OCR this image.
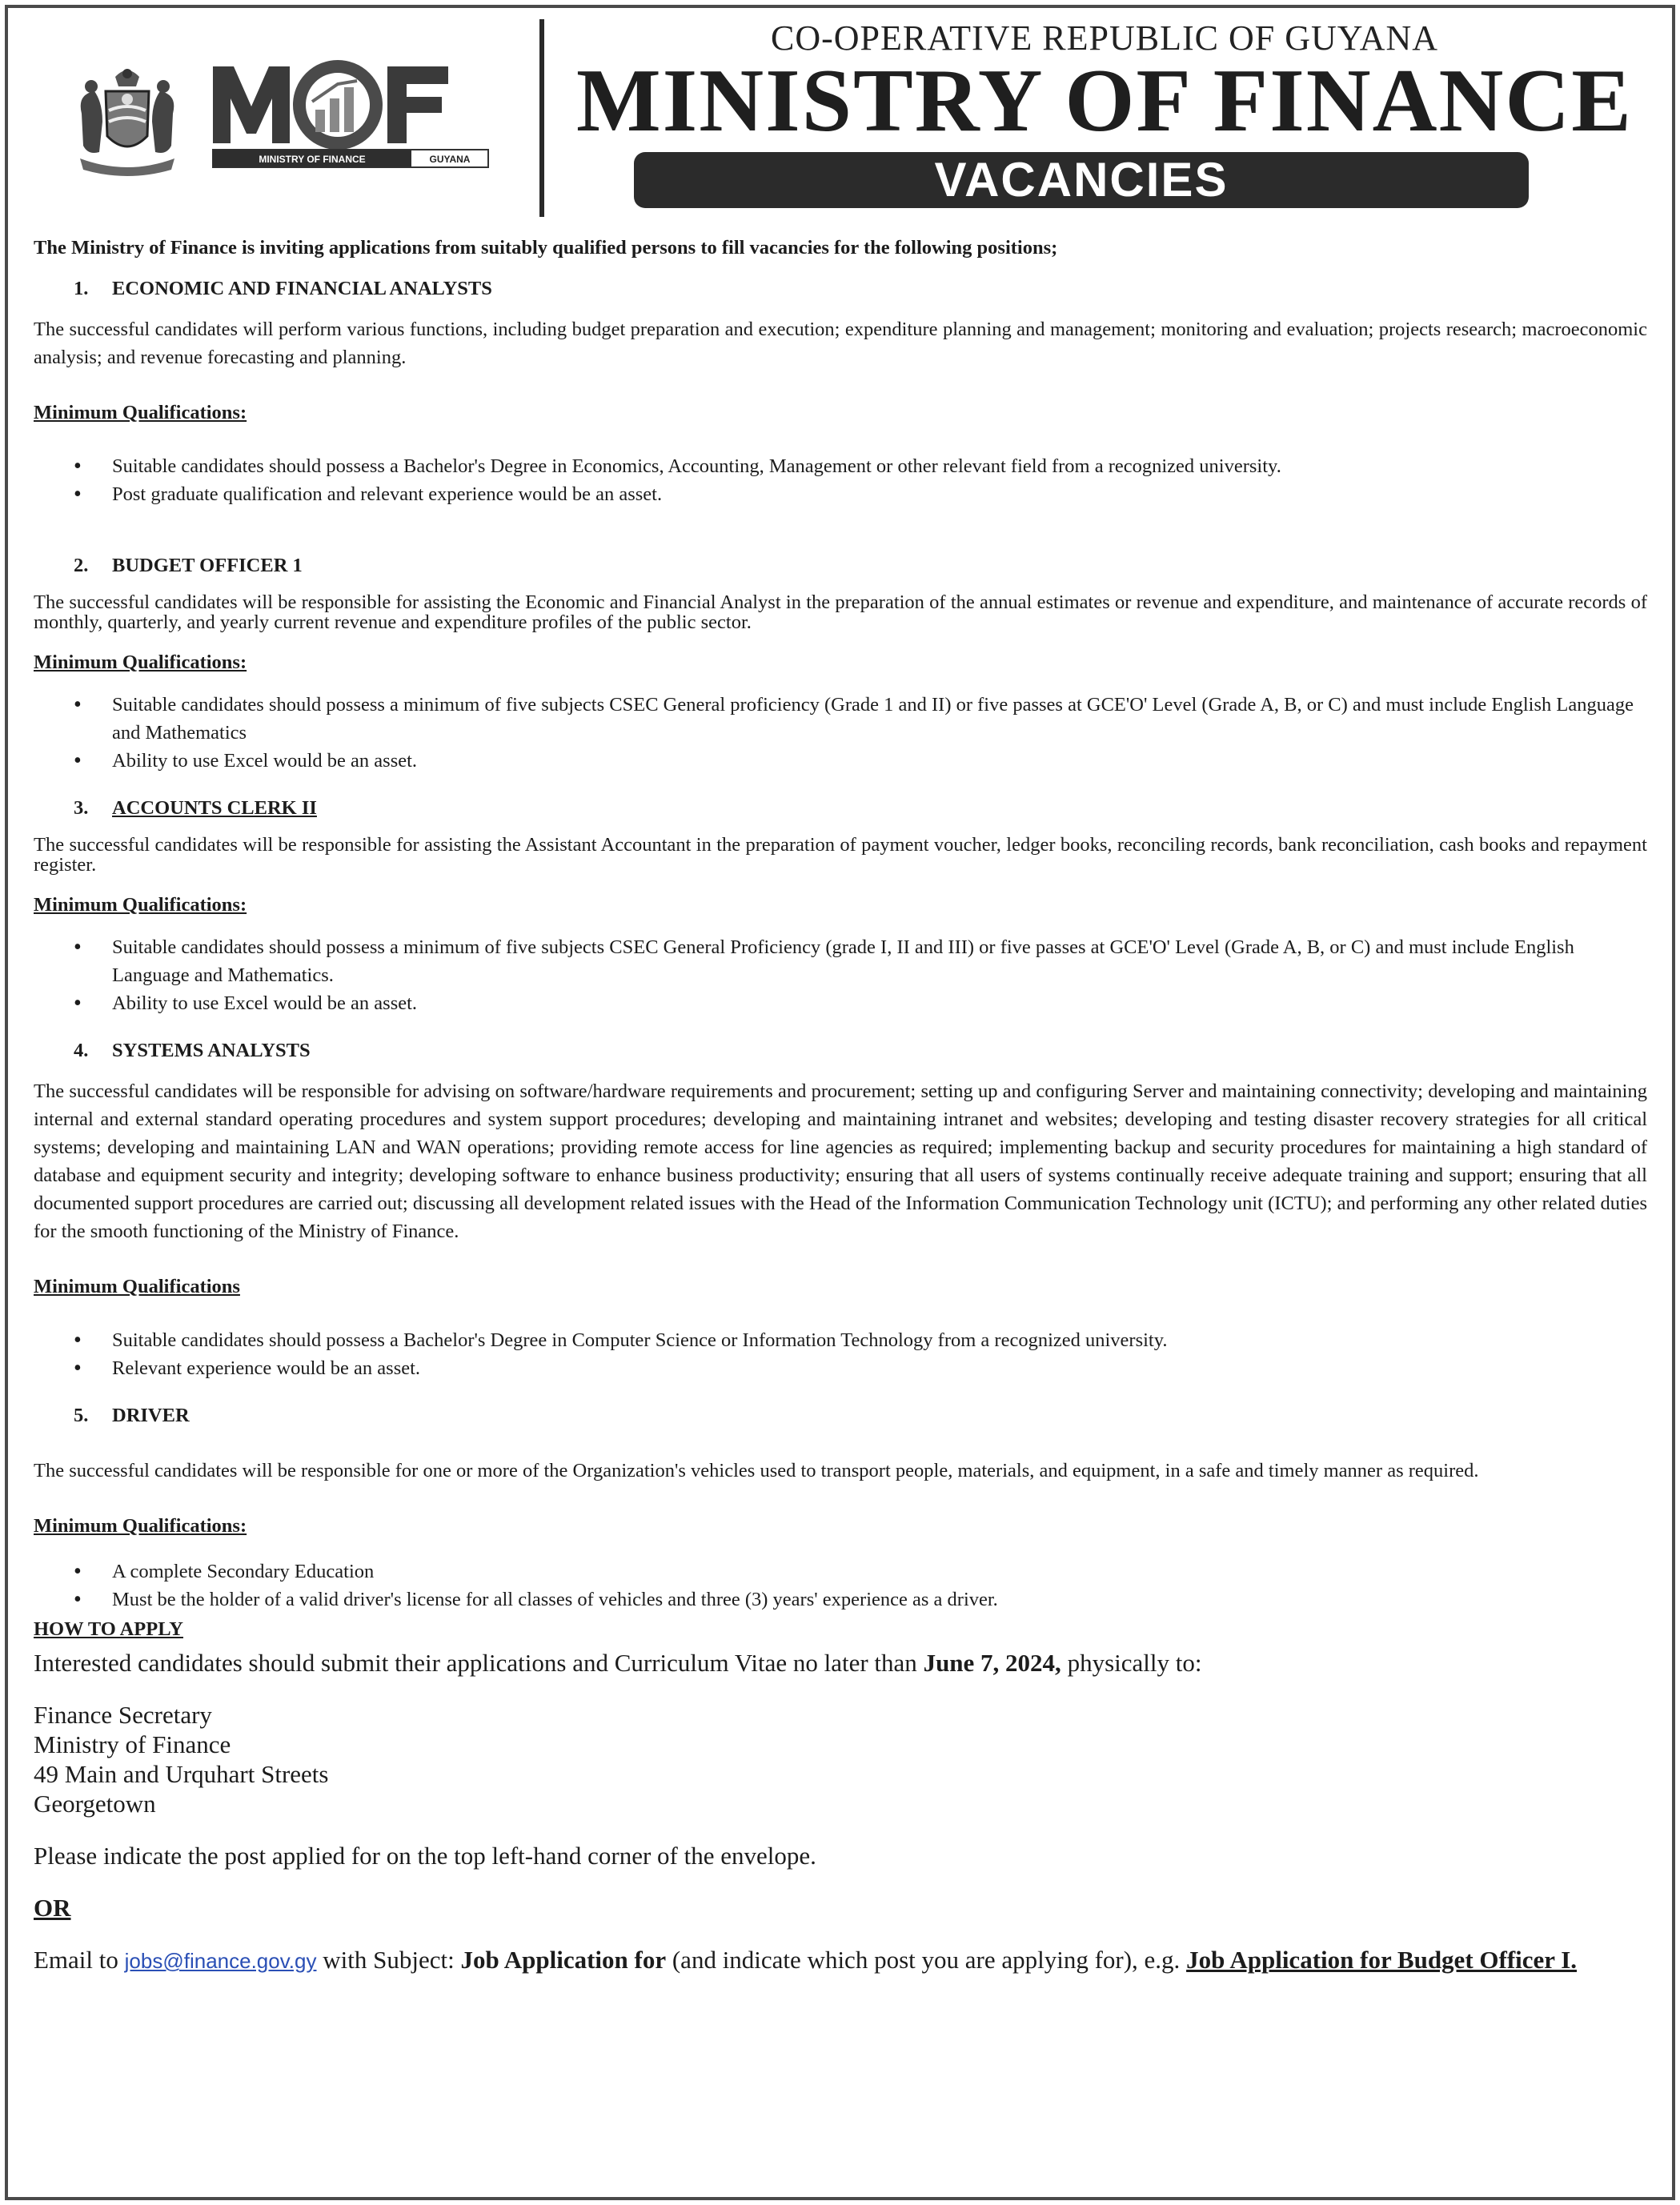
MINISTRY OF FINANCE	GUYANA
CO-OPERATIVE REPUBLIC OF GUYANA
MINISTRY OF FINANCE
VACANCIES

The Ministry of Finance is inviting applications from suitably qualified persons to fill vacancies for the following positions;

1.	ECONOMIC AND FINANCIAL ANALYSTS

The successful candidates will perform various functions, including budget preparation and execution; expenditure planning and management; monitoring and evaluation; projects research; macroeconomic analysis; and revenue forecasting and planning.

Minimum Qualifications:

• Suitable candidates should possess a Bachelor's Degree in Economics, Accounting, Management or other relevant field from a recognized university.
• Post graduate qualification and relevant experience would be an asset.
2.	BUDGET OFFICER 1

The successful candidates will be responsible for assisting the Economic and Financial Analyst in the preparation of the annual estimates or revenue and expenditure, and maintenance of accurate records of monthly, quarterly, and yearly current revenue and expenditure profiles of the public sector.

Minimum Qualifications:

• Suitable candidates should possess a minimum of five subjects CSEC General proficiency (Grade 1 and II) or five passes at GCE'O' Level (Grade A, B, or C) and must include English Language and Mathematics
• Ability to use Excel would be an asset.
3.	ACCOUNTS CLERK II

The successful candidates will be responsible for assisting the Assistant Accountant in the preparation of payment voucher, ledger books, reconciling records, bank reconciliation, cash books and repayment register.

Minimum Qualifications:

• Suitable candidates should possess a minimum of five subjects CSEC General Proficiency (grade I, II and III) or five passes at GCE'O' Level (Grade A, B, or C) and must include English Language and Mathematics.
• Ability to use Excel would be an asset.
4.	SYSTEMS ANALYSTS

The successful candidates will be responsible for advising on software/hardware requirements and procurement; setting up and configuring Server and maintaining connectivity; developing and maintaining internal and external standard operating procedures and system support procedures; developing and maintaining intranet and websites; developing and testing disaster recovery strategies for all critical systems; developing and maintaining LAN and WAN operations; providing remote access for line agencies as required; implementing backup and security procedures for maintaining a high standard of database and equipment security and integrity; developing software to enhance business productivity; ensuring that all users of systems continually receive adequate training and support; ensuring that all documented support procedures are carried out; discussing all development related issues with the Head of the Information Communication Technology unit (ICTU); and performing any other related duties for the smooth functioning of the Ministry of Finance.

Minimum Qualifications

• Suitable candidates should possess a Bachelor's Degree in Computer Science or Information Technology from a recognized university.
• Relevant experience would be an asset.
5.	DRIVER

The successful candidates will be responsible for one or more of the Organization's vehicles used to transport people, materials, and equipment, in a safe and timely manner as required.

Minimum Qualifications:

• A complete Secondary Education
• Must be the holder of a valid driver's license for all classes of vehicles and three (3) years' experience as a driver.

HOW TO APPLY

Interested candidates should submit their applications and Curriculum Vitae no later than June 7, 2024, physically to:

Finance Secretary

Ministry of Finance

49 Main and Urquhart Streets

Georgetown

Please indicate the post applied for on the top left-hand corner of the envelope.

OR

Email to jobs@finance.gov.gy with Subject: Job Application for (and indicate which post you are applying for), e.g. Job Application for Budget Officer I.
